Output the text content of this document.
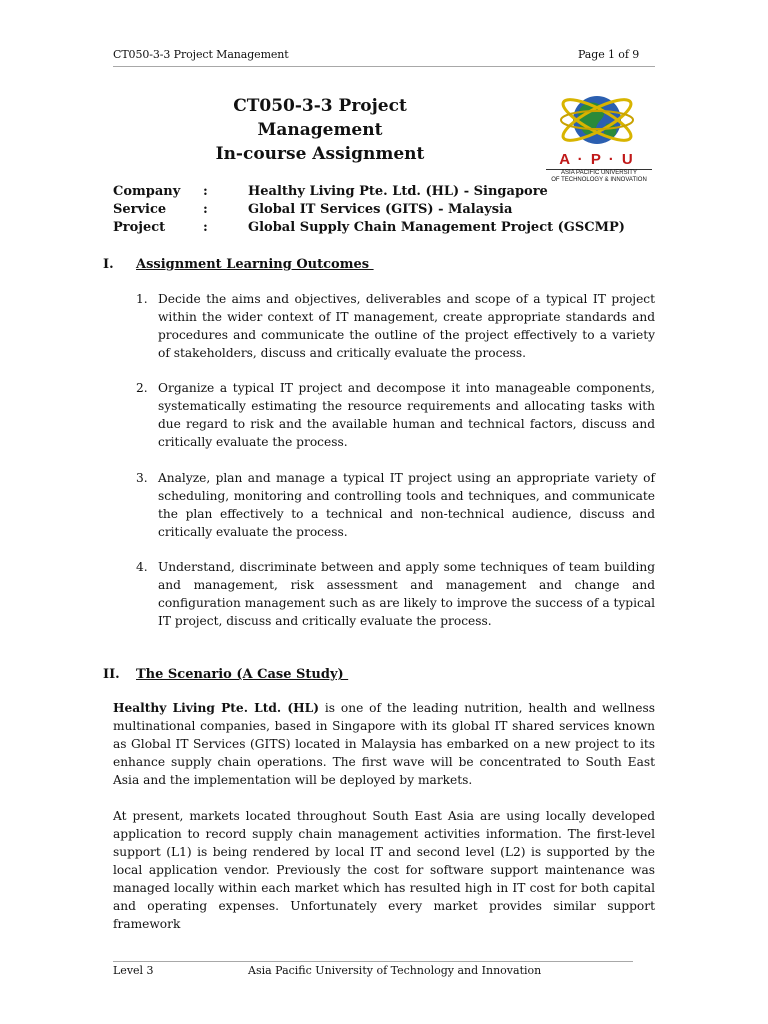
CT050-3-3 Project Management	Page 1 of 9
CT050-3-3 Project Management
In-course Assignment	A · P · U
ASIA PACIFIC UNIVERSITY
OF TECHNOLOGY & INNOVATION
Company :	Healthy Living Pte. Ltd. (HL) - Singapore
Service	:	Global IT Services (GITS) - Malaysia
Project	:	Global Supply Chain Management Project (GSCMP)
I. Assignment Learning Outcomes
1. Decide the aims and objectives, deliverables and scope of a typical IT project within the wider context of IT management, create appropriate standards and procedures and communicate the outline of the project effectively to a variety of stakeholders, discuss and critically evaluate the process.
2. Organize a typical IT project and decompose it into manageable components, systematically estimating the resource requirements and allocating tasks with due regard to risk and the available human and technical factors, discuss and critically evaluate the process.
3. Analyze, plan and manage a typical IT project using an appropriate variety of scheduling, monitoring and controlling tools and techniques, and communicate the plan effectively to a technical and non-technical audience, discuss and critically evaluate the process.
4. Understand, discriminate between and apply some techniques of team building and management, risk assessment and management and change and configuration management such as are likely to improve the success of a typical IT project, discuss and critically evaluate the process.
II. The Scenario (A Case Study)
Healthy Living Pte. Ltd. (HL) is one of the leading nutrition, health and wellness multinational companies, based in Singapore with its global IT shared services known as Global IT Services (GITS) located in Malaysia has embarked on a new project to its enhance supply chain operations. The first wave will be concentrated to South East Asia and the implementation will be deployed by markets.
At present, markets located throughout South East Asia are using locally developed application to record supply chain management activities information. The first-level support (L1) is being rendered by local IT and second level (L2) is supported by the local application vendor. Previously the cost for software support maintenance was managed locally within each market which has resulted high in IT cost for both capital and operating expenses. Unfortunately every market provides similar support framework
Level 3	Asia Pacific University of Technology and Innovation
